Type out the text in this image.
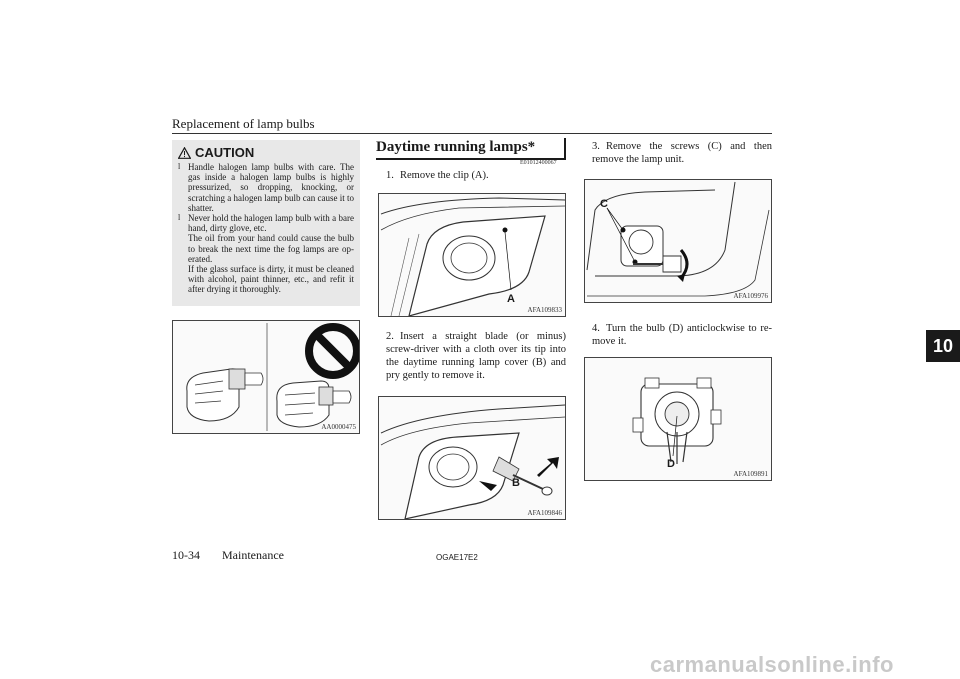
Replacement of lamp bulbs
10
CAUTION
l Handle halogen lamp bulbs with care. The gas inside a halogen lamp bulbs is highly pressurized, so dropping, knocking, or scratching a halogen lamp bulb can cause it to shatter.
l Never hold the halogen lamp bulb with a bare hand, dirty glove, etc.

The oil from your hand could cause the bulb to break the next time the fog lamps are op-erated.

If the glass surface is dirty, it must be cleaned with alcohol, paint thinner, etc., and refit it after drying it thoroughly.

AA0000475
Daytime running lamps*
E01012400067
1. Remove the clip (A).
A
AFA109833
2. Insert a straight blade (or minus) screw-driver with a cloth over its tip into the daytime running lamp cover (B) and pry gently to remove it.
B
AFA109846
3. Remove the screws (C) and then remove the lamp unit.
C
AFA109976
4. Turn the bulb (D) anticlockwise to re-move it.
D
AFA109891
10-34 Maintenance	OGAE17E2
carmanualsonline.info
